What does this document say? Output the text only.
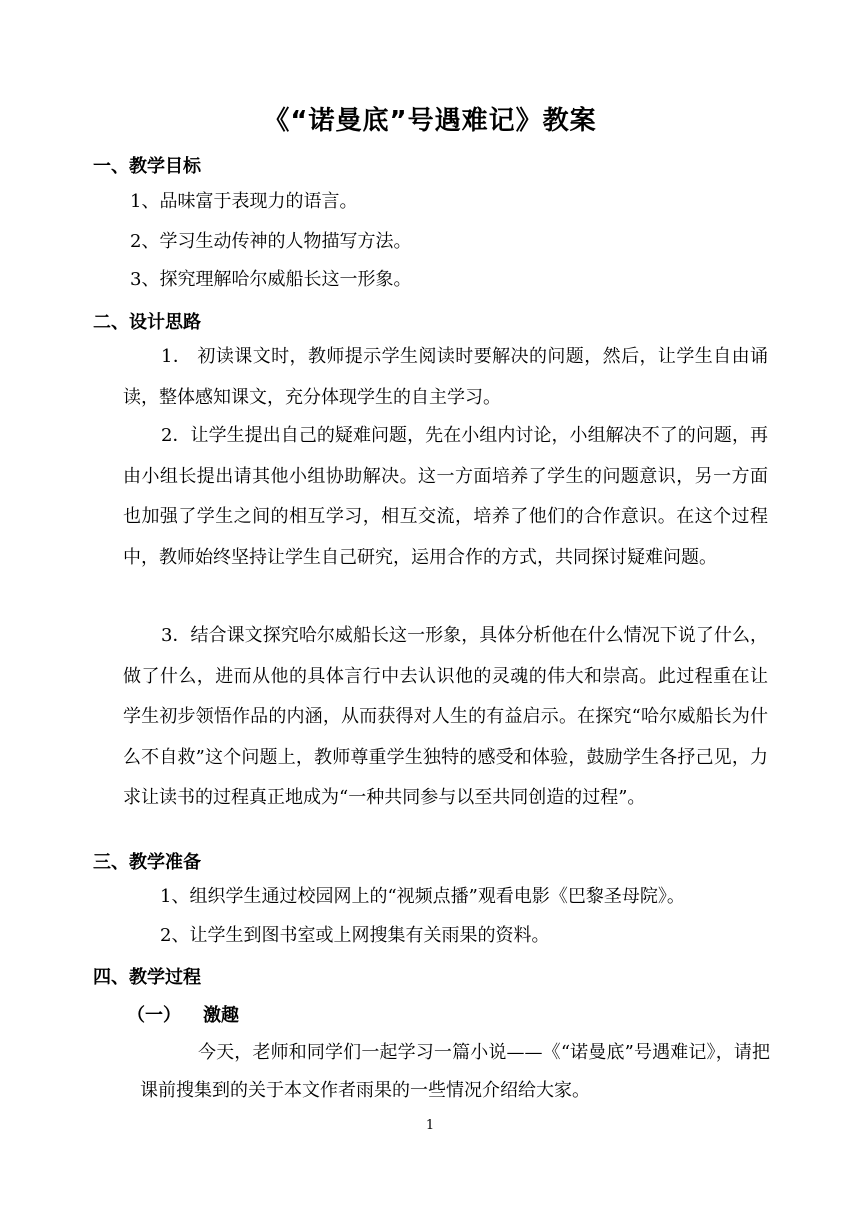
《“诺曼底”号遇难记》教案
一、教学目标
1、品味富于表现力的语言。
2、学习生动传神的人物描写方法。
3、探究理解哈尔威船长这一形象。
二、设计思路
1． 初读课文时，教师提示学生阅读时要解决的问题，然后，让学生自由诵读，整体感知课文，充分体现学生的自主学习。
2．让学生提出自己的疑难问题，先在小组内讨论，小组解决不了的问题，再由小组长提出请其他小组协助解决。这一方面培养了学生的问题意识，另一方面也加强了学生之间的相互学习，相互交流，培养了他们的合作意识。在这个过程中，教师始终坚持让学生自己研究，运用合作的方式，共同探讨疑难问题。
3．结合课文探究哈尔威船长这一形象，具体分析他在什么情况下说了什么，做了什么，进而从他的具体言行中去认识他的灵魂的伟大和崇高。此过程重在让学生初步领悟作品的内涵，从而获得对人生的有益启示。在探究“哈尔威船长为什么不自救”这个问题上，教师尊重学生独特的感受和体验，鼓励学生各抒己见，力求让读书的过程真正地成为“一种共同参与以至共同创造的过程”。
三、教学准备
1、组织学生通过校园网上的“视频点播”观看电影《巴黎圣母院》。
2、让学生到图书室或上网搜集有关雨果的资料。
四、教学过程
（一） 激趣
今天，老师和同学们一起学习一篇小说——《“诺曼底”号遇难记》，请把课前搜集到的关于本文作者雨果的一些情况介绍给大家。
1
